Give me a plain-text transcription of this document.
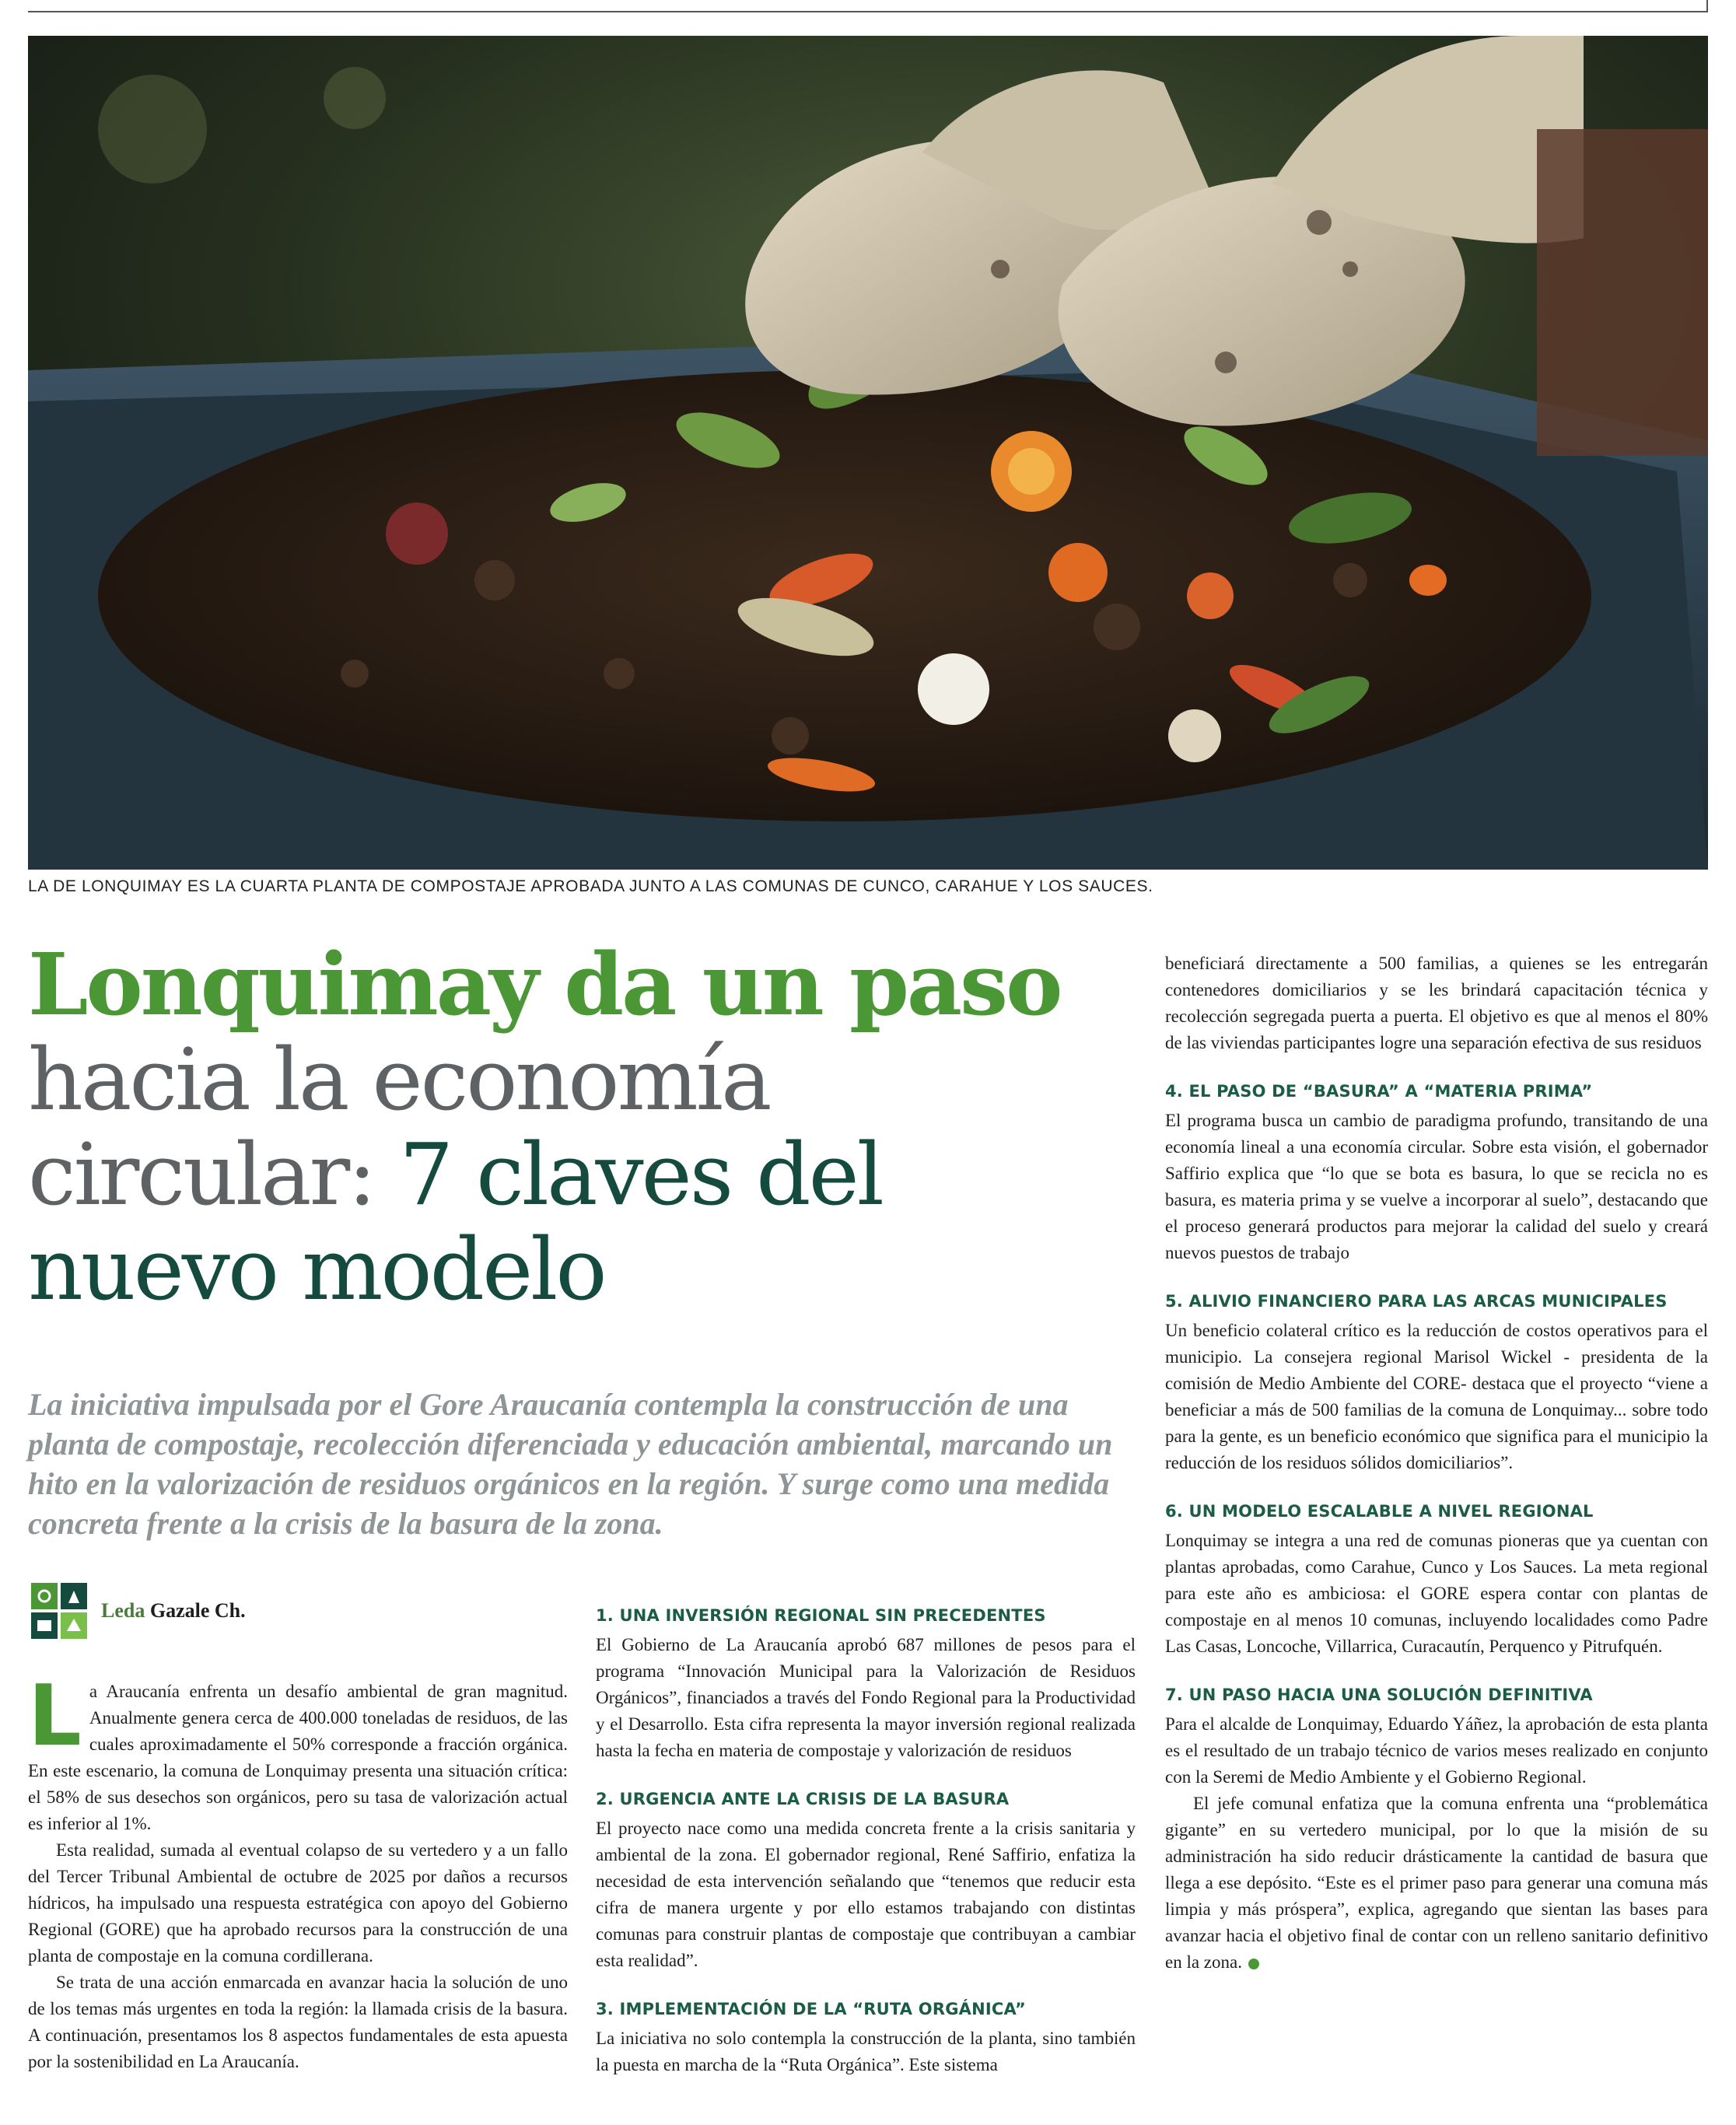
LA DE LONQUIMAY ES LA CUARTA PLANTA DE COMPOSTAJE APROBADA JUNTO A LAS COMUNAS DE CUNCO, CARAHUE Y LOS SAUCES.
Lonquimay da un paso hacia la economía circular: 7 claves del nuevo modelo

La iniciativa impulsada por el Gore Araucanía contempla la construcción de una planta de compostaje, recolección diferenciada y educación ambiental, marcando un hito en la valorización de residuos orgánicos en la región. Y surge como una medida concreta frente a la crisis de la basura de la zona.

Leda Gazale Ch.

La Araucanía enfrenta un desafío ambiental de gran magnitud. Anualmente genera cerca de 400.000 toneladas de residuos, de las cuales aproximadamente el 50% corresponde a fracción orgánica. En este escenario, la comuna de Lonquimay presenta una situación crítica: el 58% de sus desechos son orgánicos, pero su tasa de valorización actual es inferior al 1%.

Esta realidad, sumada al eventual colapso de su vertedero y a un fallo del Tercer Tribunal Ambiental de octubre de 2025 por daños a recursos hídricos, ha impulsado una respuesta estratégica con apoyo del Gobierno Regional (GORE) que ha aprobado recursos para la construcción de una planta de compostaje en la comuna cordillerana.

Se trata de una acción enmarcada en avanzar hacia la solución de uno de los temas más urgentes en toda la región: la llamada crisis de la basura. A continuación, presentamos los 8 aspectos fundamentales de esta apuesta por la sostenibilidad en La Araucanía.

1. UNA INVERSIÓN REGIONAL SIN PRECEDENTES

El Gobierno de La Araucanía aprobó 687 millones de pesos para el programa “Innovación Municipal para la Valorización de Residuos Orgánicos”, financiados a través del Fondo Regional para la Productividad y el Desarrollo. Esta cifra representa la mayor inversión regional realizada hasta la fecha en materia de compostaje y valorización de residuos

2. URGENCIA ANTE LA CRISIS DE LA BASURA

El proyecto nace como una medida concreta frente a la crisis sanitaria y ambiental de la zona. El gobernador regional, René Saffirio, enfatiza la necesidad de esta intervención señalando que “tenemos que reducir esta cifra de manera urgente y por ello estamos trabajando con distintas comunas para construir plantas de compostaje que contribuyan a cambiar esta realidad”.

3. IMPLEMENTACIÓN DE LA “RUTA ORGÁNICA”

La iniciativa no solo contempla la construcción de la planta, sino también la puesta en marcha de la “Ruta Orgánica”. Este sistema

beneficiará directamente a 500 familias, a quienes se les entregarán contenedores domiciliarios y se les brindará capacitación técnica y recolección segregada puerta a puerta. El objetivo es que al menos el 80% de las viviendas participantes logre una separación efectiva de sus residuos

4. EL PASO DE “BASURA” A “MATERIA PRIMA”

El programa busca un cambio de paradigma profundo, transitando de una economía lineal a una economía circular. Sobre esta visión, el gobernador Saffirio explica que “lo que se bota es basura, lo que se recicla no es basura, es materia prima y se vuelve a incorporar al suelo”, destacando que el proceso generará productos para mejorar la calidad del suelo y creará nuevos puestos de trabajo

5. ALIVIO FINANCIERO PARA LAS ARCAS MUNICIPALES

Un beneficio colateral crítico es la reducción de costos operativos para el municipio. La consejera regional Marisol Wickel - presidenta de la comisión de Medio Ambiente del CORE- destaca que el proyecto “viene a beneficiar a más de 500 familias de la comuna de Lonquimay... sobre todo para la gente, es un beneficio económico que significa para el municipio la reducción de los residuos sólidos domiciliarios”.

6. UN MODELO ESCALABLE A NIVEL REGIONAL

Lonquimay se integra a una red de comunas pioneras que ya cuentan con plantas aprobadas, como Carahue, Cunco y Los Sauces. La meta regional para este año es ambiciosa: el GORE espera contar con plantas de compostaje en al menos 10 comunas, incluyendo localidades como Padre Las Casas, Loncoche, Villarrica, Curacautín, Perquenco y Pitrufquén.

7. UN PASO HACIA UNA SOLUCIÓN DEFINITIVA

Para el alcalde de Lonquimay, Eduardo Yáñez, la aprobación de esta planta es el resultado de un trabajo técnico de varios meses realizado en conjunto con la Seremi de Medio Ambiente y el Gobierno Regional.

El jefe comunal enfatiza que la comuna enfrenta una “problemática gigante” en su vertedero municipal, por lo que la misión de su administración ha sido reducir drásticamente la cantidad de basura que llega a ese depósito. “Este es el primer paso para generar una comuna más limpia y más próspera”, explica, agregando que sientan las bases para avanzar hacia el objetivo final de contar con un relleno sanitario definitivo en la zona.
